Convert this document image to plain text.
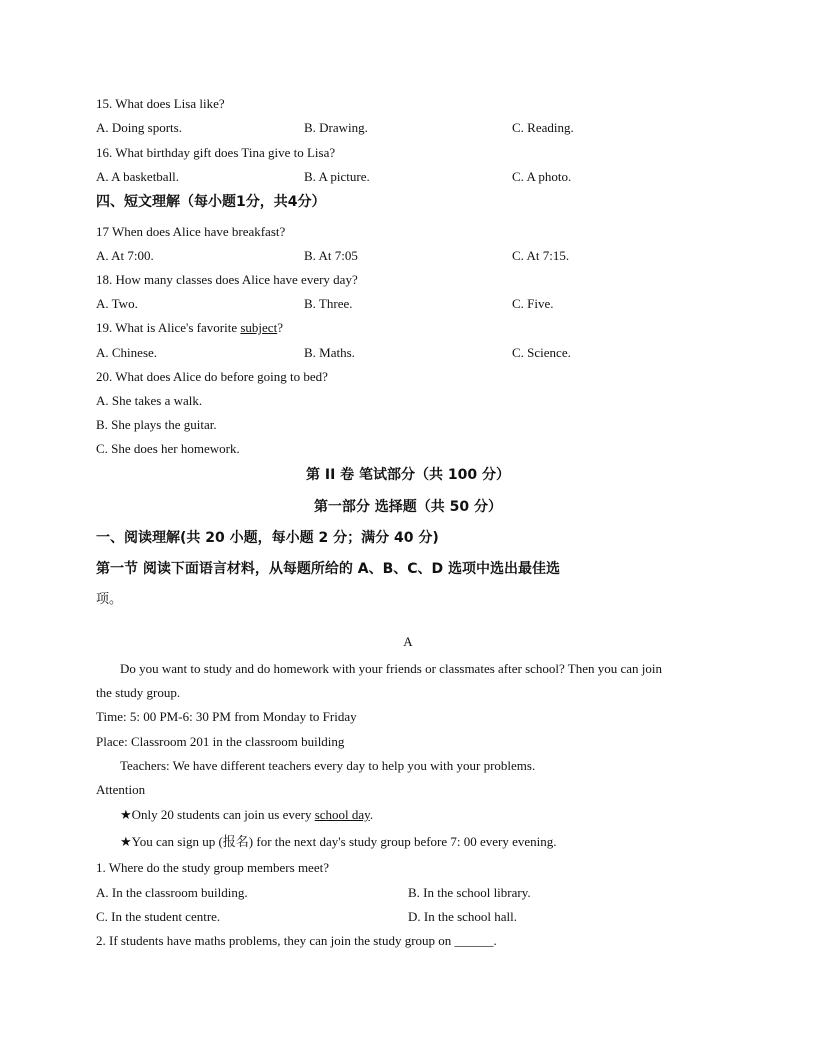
15. What does Lisa like?
A. Doing sports.	B. Drawing.	C. Reading.
16. What birthday gift does Tina give to Lisa?
A. A basketball.	B. A picture.	C. A photo.
四、短文理解（每小题1分，共4分）
17 When does Alice have breakfast?
A. At 7:00.	B. At 7:05	C. At 7:15.
18. How many classes does Alice have every day?
A. Two.	B. Three.	C. Five.
19. What is Alice's favorite subject?
A. Chinese.	B. Maths.	C. Science.
20. What does Alice do before going to bed?
A. She takes a walk.
B. She plays the guitar.
C. She does her homework.
第 II 卷 笔试部分（共 100 分）
第一部分 选择题（共 50 分）
一、阅读理解(共 20 小题，每小题 2 分；满分 40 分)
第一节 阅读下面语言材料，从每题所给的 A、B、C、D 选项中选出最佳选
项。
A
Do you want to study and do homework with your friends or classmates after school? Then you can join
the study group.
Time: 5: 00 PM-6: 30 PM from Monday to Friday
Place: Classroom 201 in the classroom building
Teachers: We have different teachers every day to help you with your problems.
Attention
★Only 20 students can join us every school day.
★You can sign up (报名) for the next day's study group before 7: 00 every evening.
1. Where do the study group members meet?
A. In the classroom building.	B. In the school library.
C. In the student centre.	D. In the school hall.
2. If students have maths problems, they can join the study group on ______.
